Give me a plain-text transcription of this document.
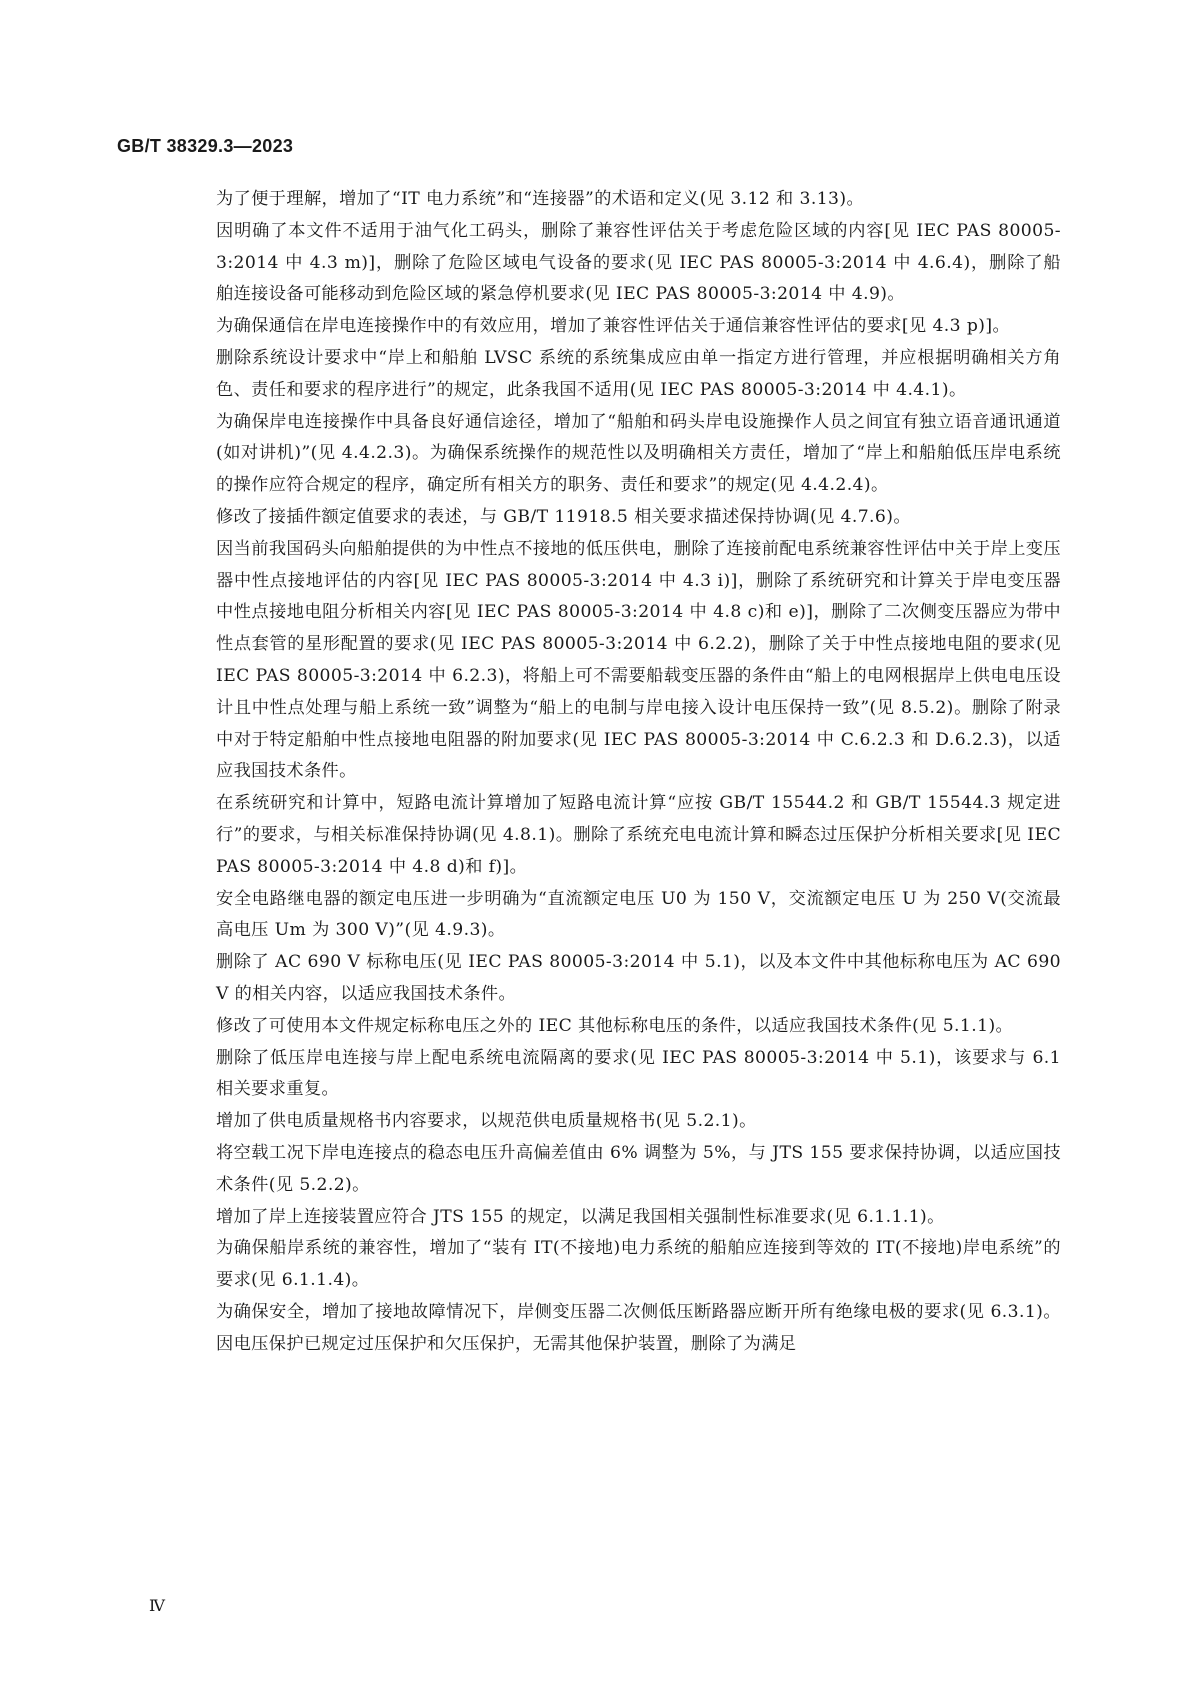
GB/T 38329.3—2023
为了便于理解，增加了“IT 电力系统”和“连接器”的术语和定义(见 3.12 和 3.13)。
因明确了本文件不适用于油气化工码头，删除了兼容性评估关于考虑危险区域的内容[见 IEC PAS 80005-3:2014 中 4.3 m)]，删除了危险区域电气设备的要求(见 IEC PAS 80005-3:2014 中 4.6.4)，删除了船舶连接设备可能移动到危险区域的紧急停机要求(见 IEC PAS 80005-3:2014 中 4.9)。
为确保通信在岸电连接操作中的有效应用，增加了兼容性评估关于通信兼容性评估的要求[见 4.3 p)]。
删除系统设计要求中“岸上和船舶 LVSC 系统的系统集成应由单一指定方进行管理，并应根据明确相关方角色、责任和要求的程序进行”的规定，此条我国不适用(见 IEC PAS 80005-3:2014 中 4.4.1)。
为确保岸电连接操作中具备良好通信途径，增加了“船舶和码头岸电设施操作人员之间宜有独立语音通讯通道(如对讲机)”(见 4.4.2.3)。为确保系统操作的规范性以及明确相关方责任，增加了“岸上和船舶低压岸电系统的操作应符合规定的程序，确定所有相关方的职务、责任和要求”的规定(见 4.4.2.4)。
修改了接插件额定值要求的表述，与 GB/T 11918.5 相关要求描述保持协调(见 4.7.6)。
因当前我国码头向船舶提供的为中性点不接地的低压供电，删除了连接前配电系统兼容性评估中关于岸上变压器中性点接地评估的内容[见 IEC PAS 80005-3:2014 中 4.3 i)]，删除了系统研究和计算关于岸电变压器中性点接地电阻分析相关内容[见 IEC PAS 80005-3:2014 中 4.8 c)和 e)]，删除了二次侧变压器应为带中性点套管的星形配置的要求(见 IEC PAS 80005-3:2014 中 6.2.2)，删除了关于中性点接地电阻的要求(见 IEC PAS 80005-3:2014 中 6.2.3)，将船上可不需要船载变压器的条件由“船上的电网根据岸上供电电压设计且中性点处理与船上系统一致”调整为“船上的电制与岸电接入设计电压保持一致”(见 8.5.2)。删除了附录中对于特定船舶中性点接地电阻器的附加要求(见 IEC PAS 80005-3:2014 中 C.6.2.3 和 D.6.2.3)，以适应我国技术条件。
在系统研究和计算中，短路电流计算增加了短路电流计算“应按 GB/T 15544.2 和 GB/T 15544.3 规定进行”的要求，与相关标准保持协调(见 4.8.1)。删除了系统充电电流计算和瞬态过压保护分析相关要求[见 IEC PAS 80005-3:2014 中 4.8 d)和 f)]。
安全电路继电器的额定电压进一步明确为“直流额定电压 U0 为 150 V，交流额定电压 U 为 250 V(交流最高电压 Um 为 300 V)”(见 4.9.3)。
删除了 AC 690 V 标称电压(见 IEC PAS 80005-3:2014 中 5.1)，以及本文件中其他标称电压为 AC 690 V 的相关内容，以适应我国技术条件。
修改了可使用本文件规定标称电压之外的 IEC 其他标称电压的条件，以适应我国技术条件(见 5.1.1)。
删除了低压岸电连接与岸上配电系统电流隔离的要求(见 IEC PAS 80005-3:2014 中 5.1)，该要求与 6.1 相关要求重复。
增加了供电质量规格书内容要求，以规范供电质量规格书(见 5.2.1)。
将空载工况下岸电连接点的稳态电压升高偏差值由 6% 调整为 5%，与 JTS 155 要求保持协调，以适应国技术条件(见 5.2.2)。
增加了岸上连接装置应符合 JTS 155 的规定，以满足我国相关强制性标准要求(见 6.1.1.1)。
为确保船岸系统的兼容性，增加了“装有 IT(不接地)电力系统的船舶应连接到等效的 IT(不接地)岸电系统”的要求(见 6.1.1.4)。
为确保安全，增加了接地故障情况下，岸侧变压器二次侧低压断路器应断开所有绝缘电极的要求(见 6.3.1)。因电压保护已规定过压保护和欠压保护，无需其他保护装置，删除了为满足
Ⅳ
